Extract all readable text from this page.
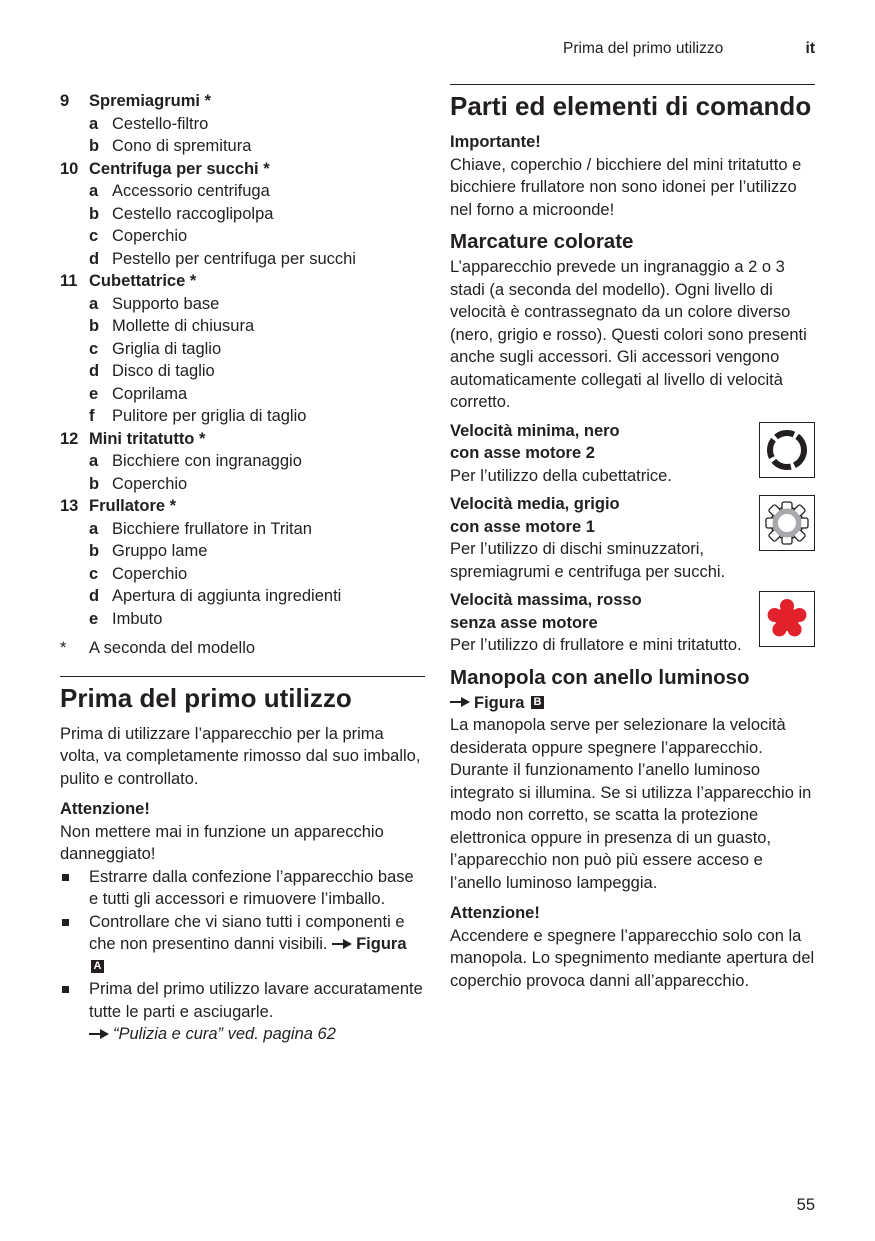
Prima del primo utilizzo	it
9	Spremiagrumi *
a Cestello-filtro
b Cono di spremitura
10 Centrifuga per succhi *
a Accessorio centrifuga
b Cestello raccoglipolpa
c Coperchio
d Pestello per centrifuga per succhi
11 Cubettatrice *
a Supporto base
b Mollette di chiusura
c Griglia di taglio
d Disco di taglio
e Coprilama
f	Pulitore per griglia di taglio
12 Mini tritatutto *
a Bicchiere con ingranaggio
b Coperchio
13 Frullatore *
a Bicchiere frullatore in Tritan
b Gruppo lame
c Coperchio
d Apertura di aggiunta ingredienti
e Imbuto
*	A seconda del modello
Prima del primo utilizzo

Prima di utilizzare l’apparecchio per la prima volta, va completamente rimosso dal suo imballo, pulito e controllato.

Attenzione!

Non mettere mai in funzione un apparecchio danneggiato!

Estrarre dalla confezione l’apparecchio base e tutti gli accessori e rimuovere l’imballo.
Controllare che vi siano tutti i componenti e che non presentino danni visibili. Figura A
Prima del primo utilizzo lavare accuratamente tutte le parti e asciugarle.
“Pulizia e cura” ved. pagina 62
Parti ed elementi di comando

Importante!

Chiave, coperchio / bicchiere del mini tritatutto e bicchiere frullatore non sono idonei per l’utilizzo nel forno a microonde!

Marcature colorate

L’apparecchio prevede un ingranaggio a 2 o 3 stadi (a seconda del modello). Ogni livello di velocità è contrassegnato da un colore diverso (nero, grigio e rosso). Questi colori sono presenti anche sugli accessori. Gli accessori vengono automaticamente collegati al livello di velocità corretto.

Velocità minima, nero
con asse motore 2
Per l’utilizzo della cubettatrice.
Velocità media, grigio
con asse motore 1
Per l’utilizzo di dischi sminuzzatori, spremiagrumi e centrifuga per succhi.
Velocità massima, rosso
senza asse motore
Per l’utilizzo di frullatore e mini tritatutto.
Manopola con anello luminoso

Figura B

La manopola serve per selezionare la velocità desiderata oppure spegnere l’apparecchio. Durante il funzionamento l’anello luminoso integrato si illumina. Se si utilizza l’apparecchio in modo non corretto, se scatta la protezione elettronica oppure in presenza di un guasto, l’apparecchio non può più essere acceso e l’anello luminoso lampeggia.

Attenzione!

Accendere e spegnere l’apparecchio solo con la manopola. Lo spegnimento mediante apertura del coperchio provoca danni all’apparecchio.

55
